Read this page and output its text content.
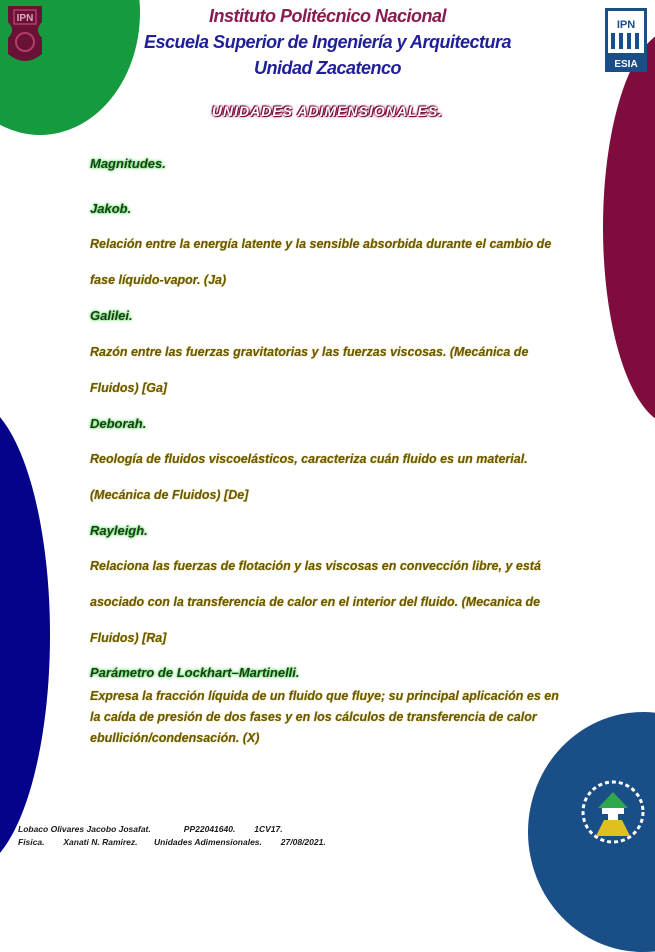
IPN
IPN
ESIA
Instituto Politécnico Nacional
Escuela Superior de Ingeniería y Arquitectura
Unidad Zacatenco
UNIDADES ADIMENSIONALES.
Magnitudes.
Jakob.
Relación entre la energía latente y la sensible absorbida durante el cambio de fase líquido-vapor. (Ja)
Galilei.
Razón entre las fuerzas gravitatorias y las fuerzas viscosas. (Mecánica de Fluidos) [Ga]
Deborah.
Reología de fluidos viscoelásticos, caracteriza cuán fluido es un material. (Mecánica de Fluidos) [De]
Rayleigh.
Relaciona las fuerzas de flotación y las viscosas en convección libre, y está asociado con la transferencia de calor en el interior del fluido. (Mecanica de Fluidos) [Ra]
Parámetro de Lockhart–Martinelli.
Expresa la fracción líquida de un fluido que fluye; su principal aplicación es en la caída de presión de dos fases y en los cálculos de transferencia de calor ebullición/condensación. (X)
Lobaco Olivares Jacobo Josafat.              PP22041640.        1CV17.
Fisica.        Xanati N. Ramirez.       Unidades Adimensionales.        27/08/2021.
